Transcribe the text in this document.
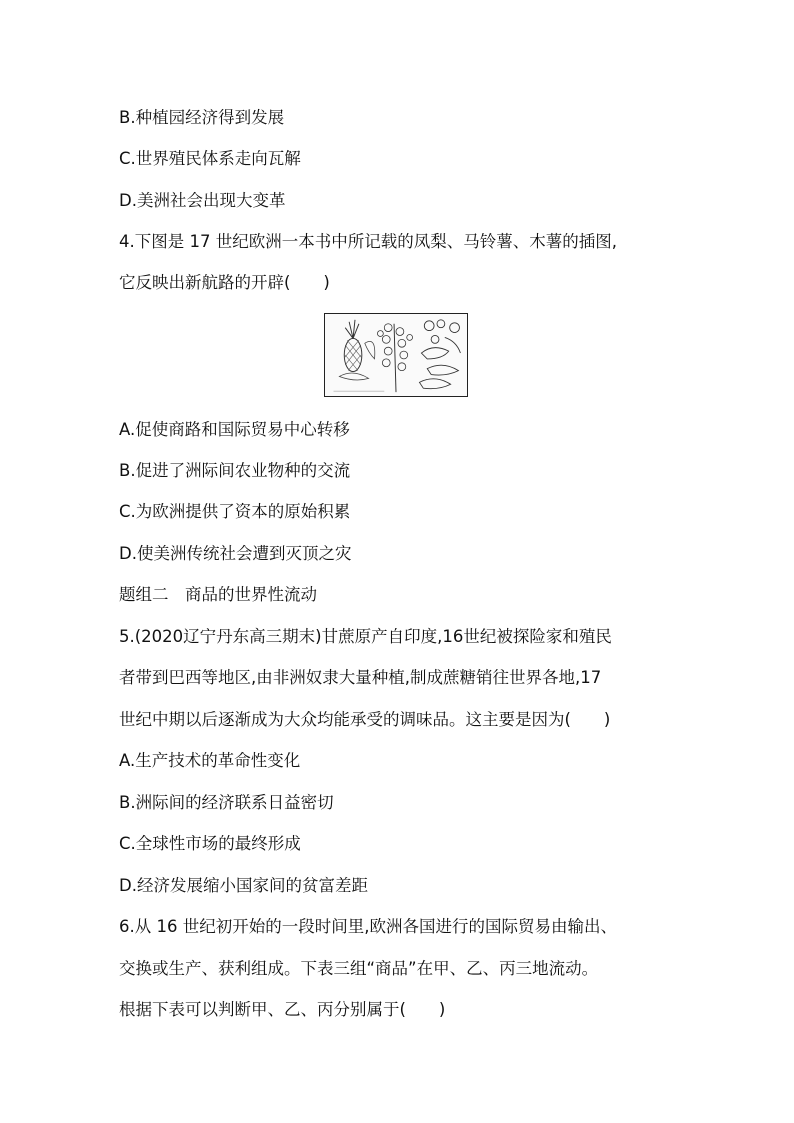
B.种植园经济得到发展
C.世界殖民体系走向瓦解
D.美洲社会出现大变革
4.下图是 17 世纪欧洲一本书中所记载的凤梨、马铃薯、木薯的插图,
它反映出新航路的开辟(　　)
A.促使商路和国际贸易中心转移
B.促进了洲际间农业物种的交流
C.为欧洲提供了资本的原始积累
D.使美洲传统社会遭到灭顶之灾
题组二　商品的世界性流动
5.(2020辽宁丹东高三期末)甘蔗原产自印度,16世纪被探险家和殖民
者带到巴西等地区,由非洲奴隶大量种植,制成蔗糖销往世界各地,17
世纪中期以后逐渐成为大众均能承受的调味品。这主要是因为(　　)
A.生产技术的革命性变化
B.洲际间的经济联系日益密切
C.全球性市场的最终形成
D.经济发展缩小国家间的贫富差距
6.从 16 世纪初开始的一段时间里,欧洲各国进行的国际贸易由输出、
交换或生产、获利组成。下表三组“商品”在甲、乙、丙三地流动。
根据下表可以判断甲、乙、丙分别属于(　　)
